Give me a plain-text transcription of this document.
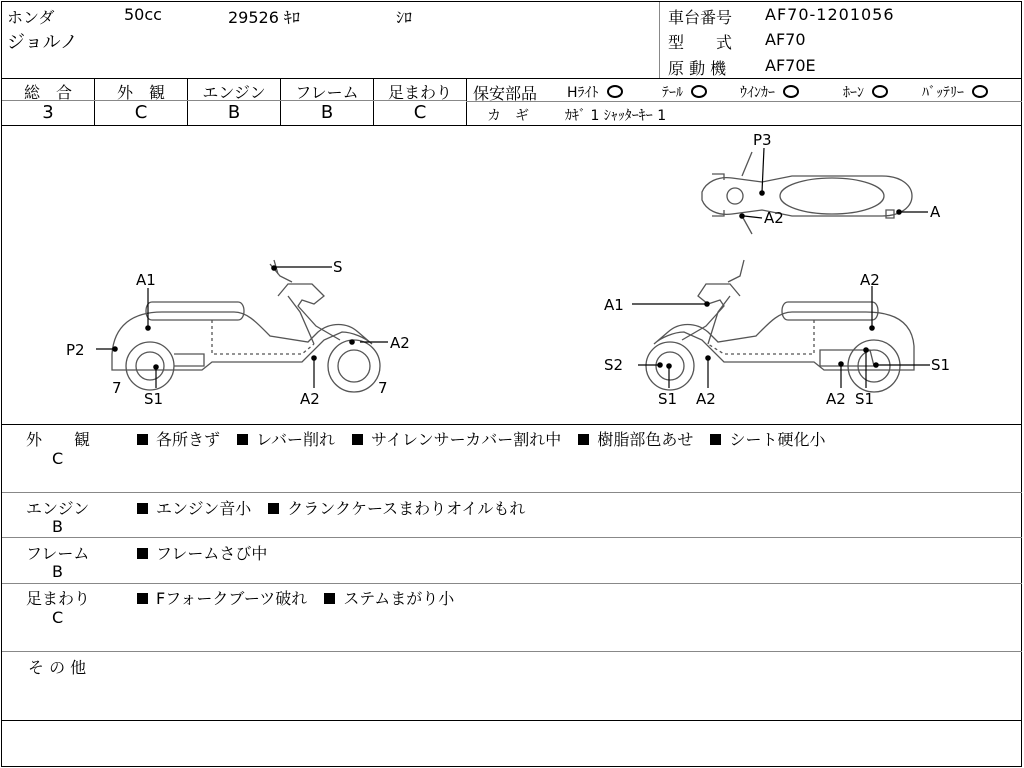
ホンダ	50cc	29526 ｷﾛ	ｼﾛ
ジョルノ
車台番号 AF70-1201056
型　　式 AF70
原 動 機 AF70E
総　合
3
外　観
C
エンジン
B
フレーム
B
足まわり
C
保安部品 Hﾗｲﾄ	ﾃｰﾙ	ｳｲﾝｶｰ	ﾎｰﾝ	ﾊﾞｯﾃﾘｰ
カ　ギ	ｶｷﾞ 1 ｼｬｯﾀｰｷｰ 1
S
A1
P2	A2
7
S1	A2
7
A2
A1
S2
S1 A2
S1
A2 S1
P3
A2	A
外　　観
C
各所きず レバー削れ サイレンサーカバー割れ中 樹脂部色あせ シート硬化小
エンジン
B
エンジン音小 クランクケースまわりオイルもれ
フレーム
B
フレームさび中
足まわり
C
Fフォークブーツ破れ ステムまがり小
そ の 他
